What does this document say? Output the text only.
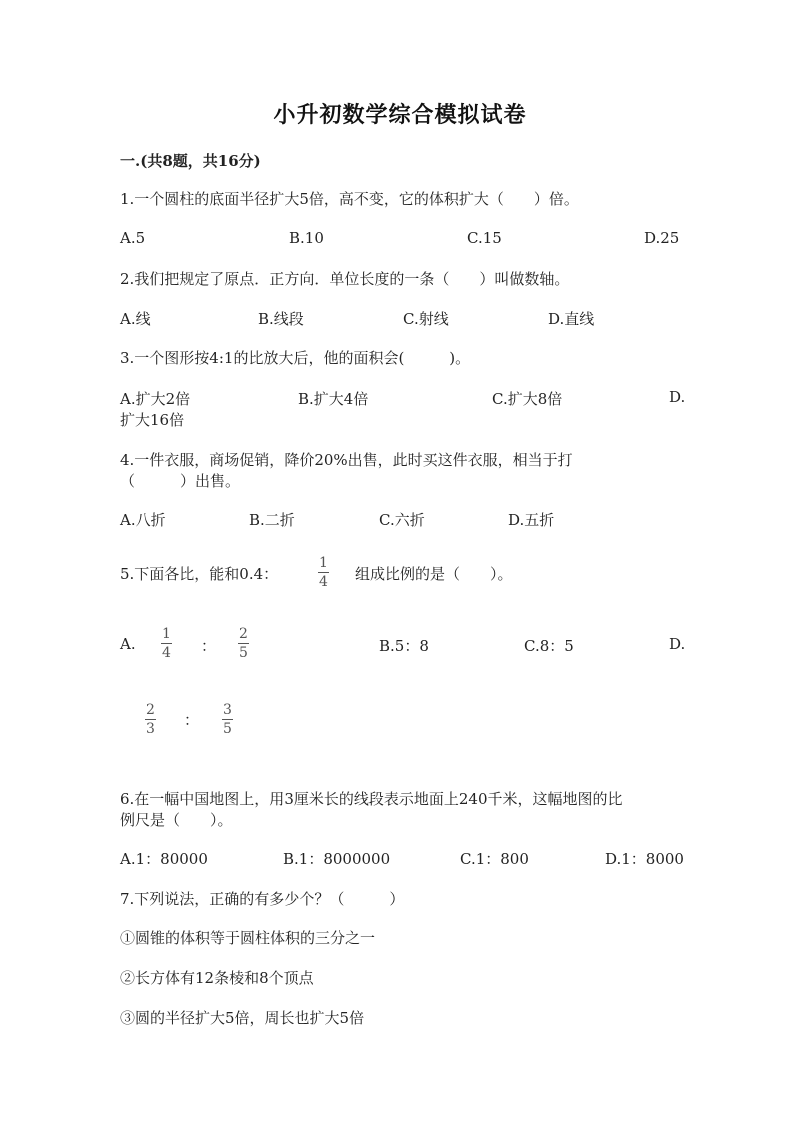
小升初数学综合模拟试卷
一.(共8题，共16分)
1.一个圆柱的底面半径扩大5倍，高不变，它的体积扩大（　　）倍。
A.5	B.10	C.15	D.25
2.我们把规定了原点．正方向．单位长度的一条（　　）叫做数轴。
A.线	B.线段	C.射线	D.直线
3.一个图形按4:1的比放大后，他的面积会(　　　)。
A.扩大2倍	B.扩大4倍	C.扩大8倍	D.
扩大16倍
4.一件衣服，商场促销，降价20%出售，此时买这件衣服，相当于打
（　　　）出售。
A.八折	B.二折	C.六折	D.五折
5.下面各比，能和0.4：
1
4 组成比例的是（　　）。
A.
1
4 ：
2
5	B.5：8	C.8：5	D.
2
3 ：
3
5
6.在一幅中国地图上，用3厘米长的线段表示地面上240千米，这幅地图的比
例尺是（　　）。
A.1：80000	B.1：8000000	C.1：800	D.1：8000
7.下列说法，正确的有多少个？（　　　）
①圆锥的体积等于圆柱体积的三分之一
②长方体有12条棱和8个顶点
③圆的半径扩大5倍，周长也扩大5倍
